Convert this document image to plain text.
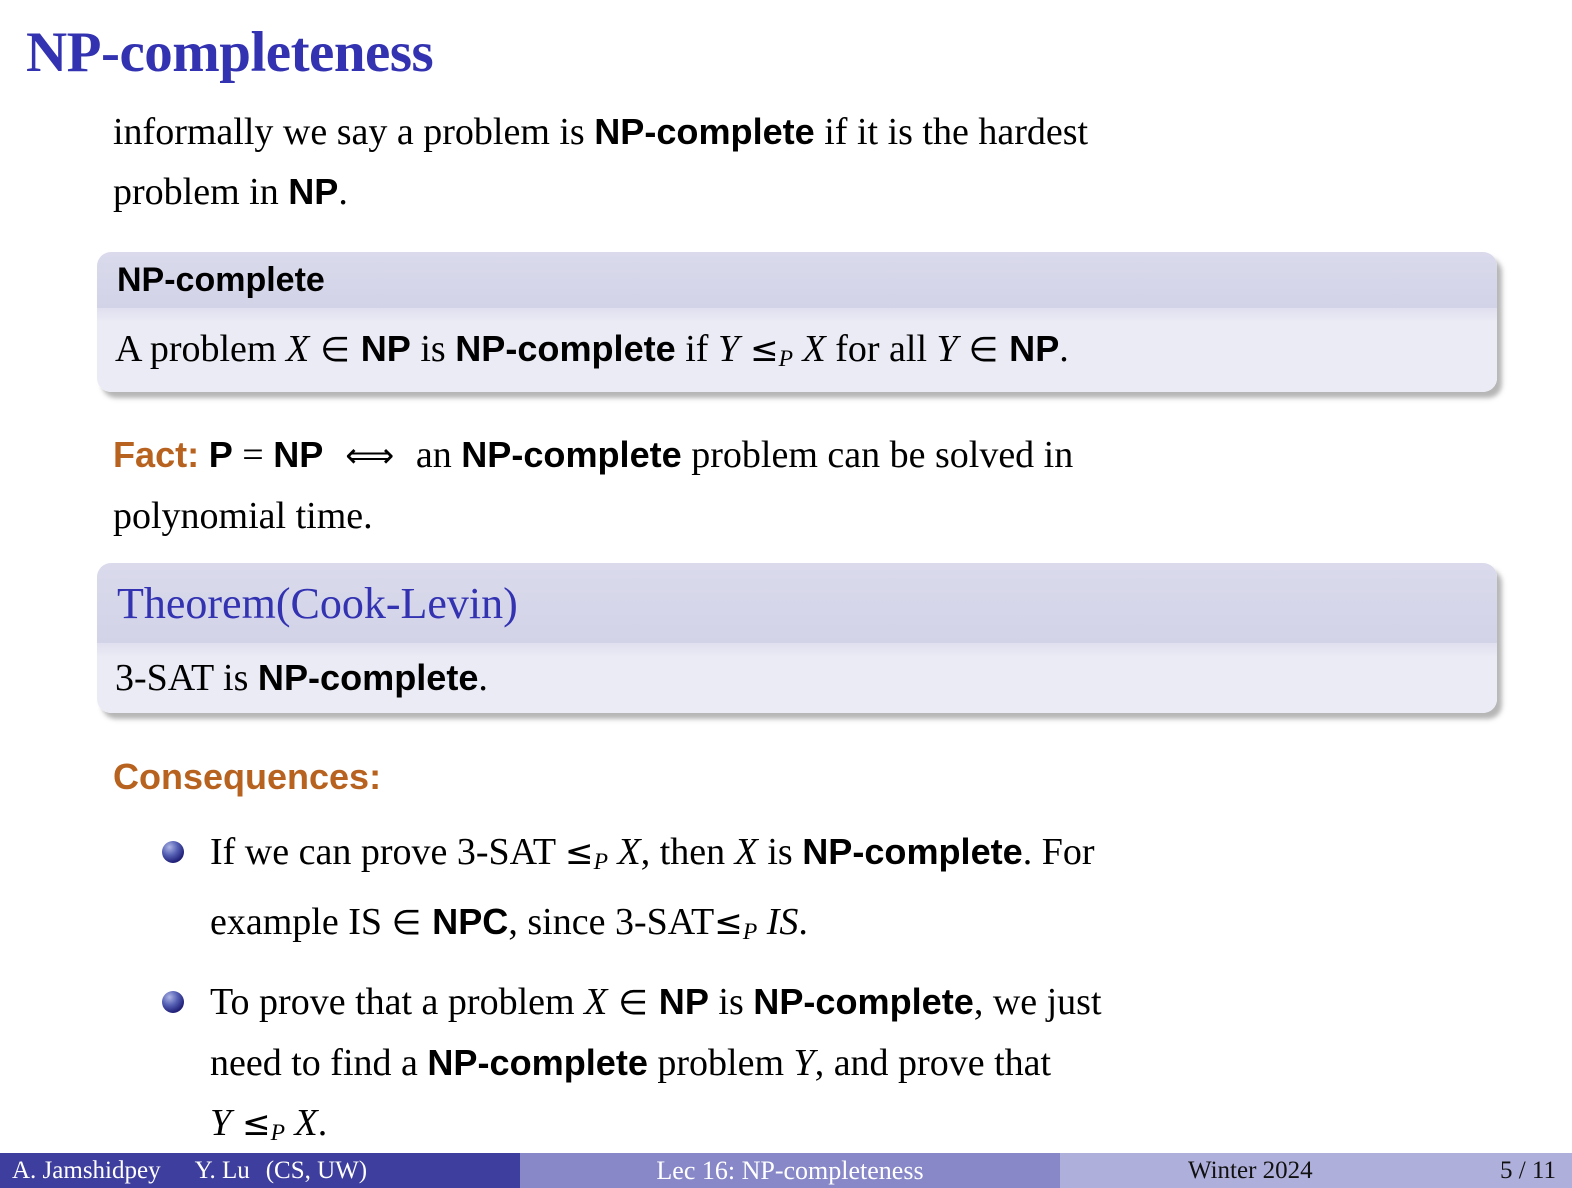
NP-completeness
informally we say a problem is NP-complete if it is the hardest
problem in NP.
NP-complete
A problem X ∈ NP is NP-complete if Y ≤P X for all Y ∈ NP.
Fact: P = NP  ⟺  an NP-complete problem can be solved in
polynomial time.
Theorem(Cook-Levin)
3-SAT is NP-complete.
Consequences:
If we can prove 3-SAT ≤P X, then X is NP-complete. For
example IS ∈ NPC, since 3-SAT≤P IS.
To prove that a problem X ∈ NP is NP-complete, we just
need to find a NP-complete problem Y, and prove that
Y ≤P X.
A. Jamshidpey Y. Lu (CS, UW)	Lec 16: NP-completeness	Winter 2024	5 / 11
